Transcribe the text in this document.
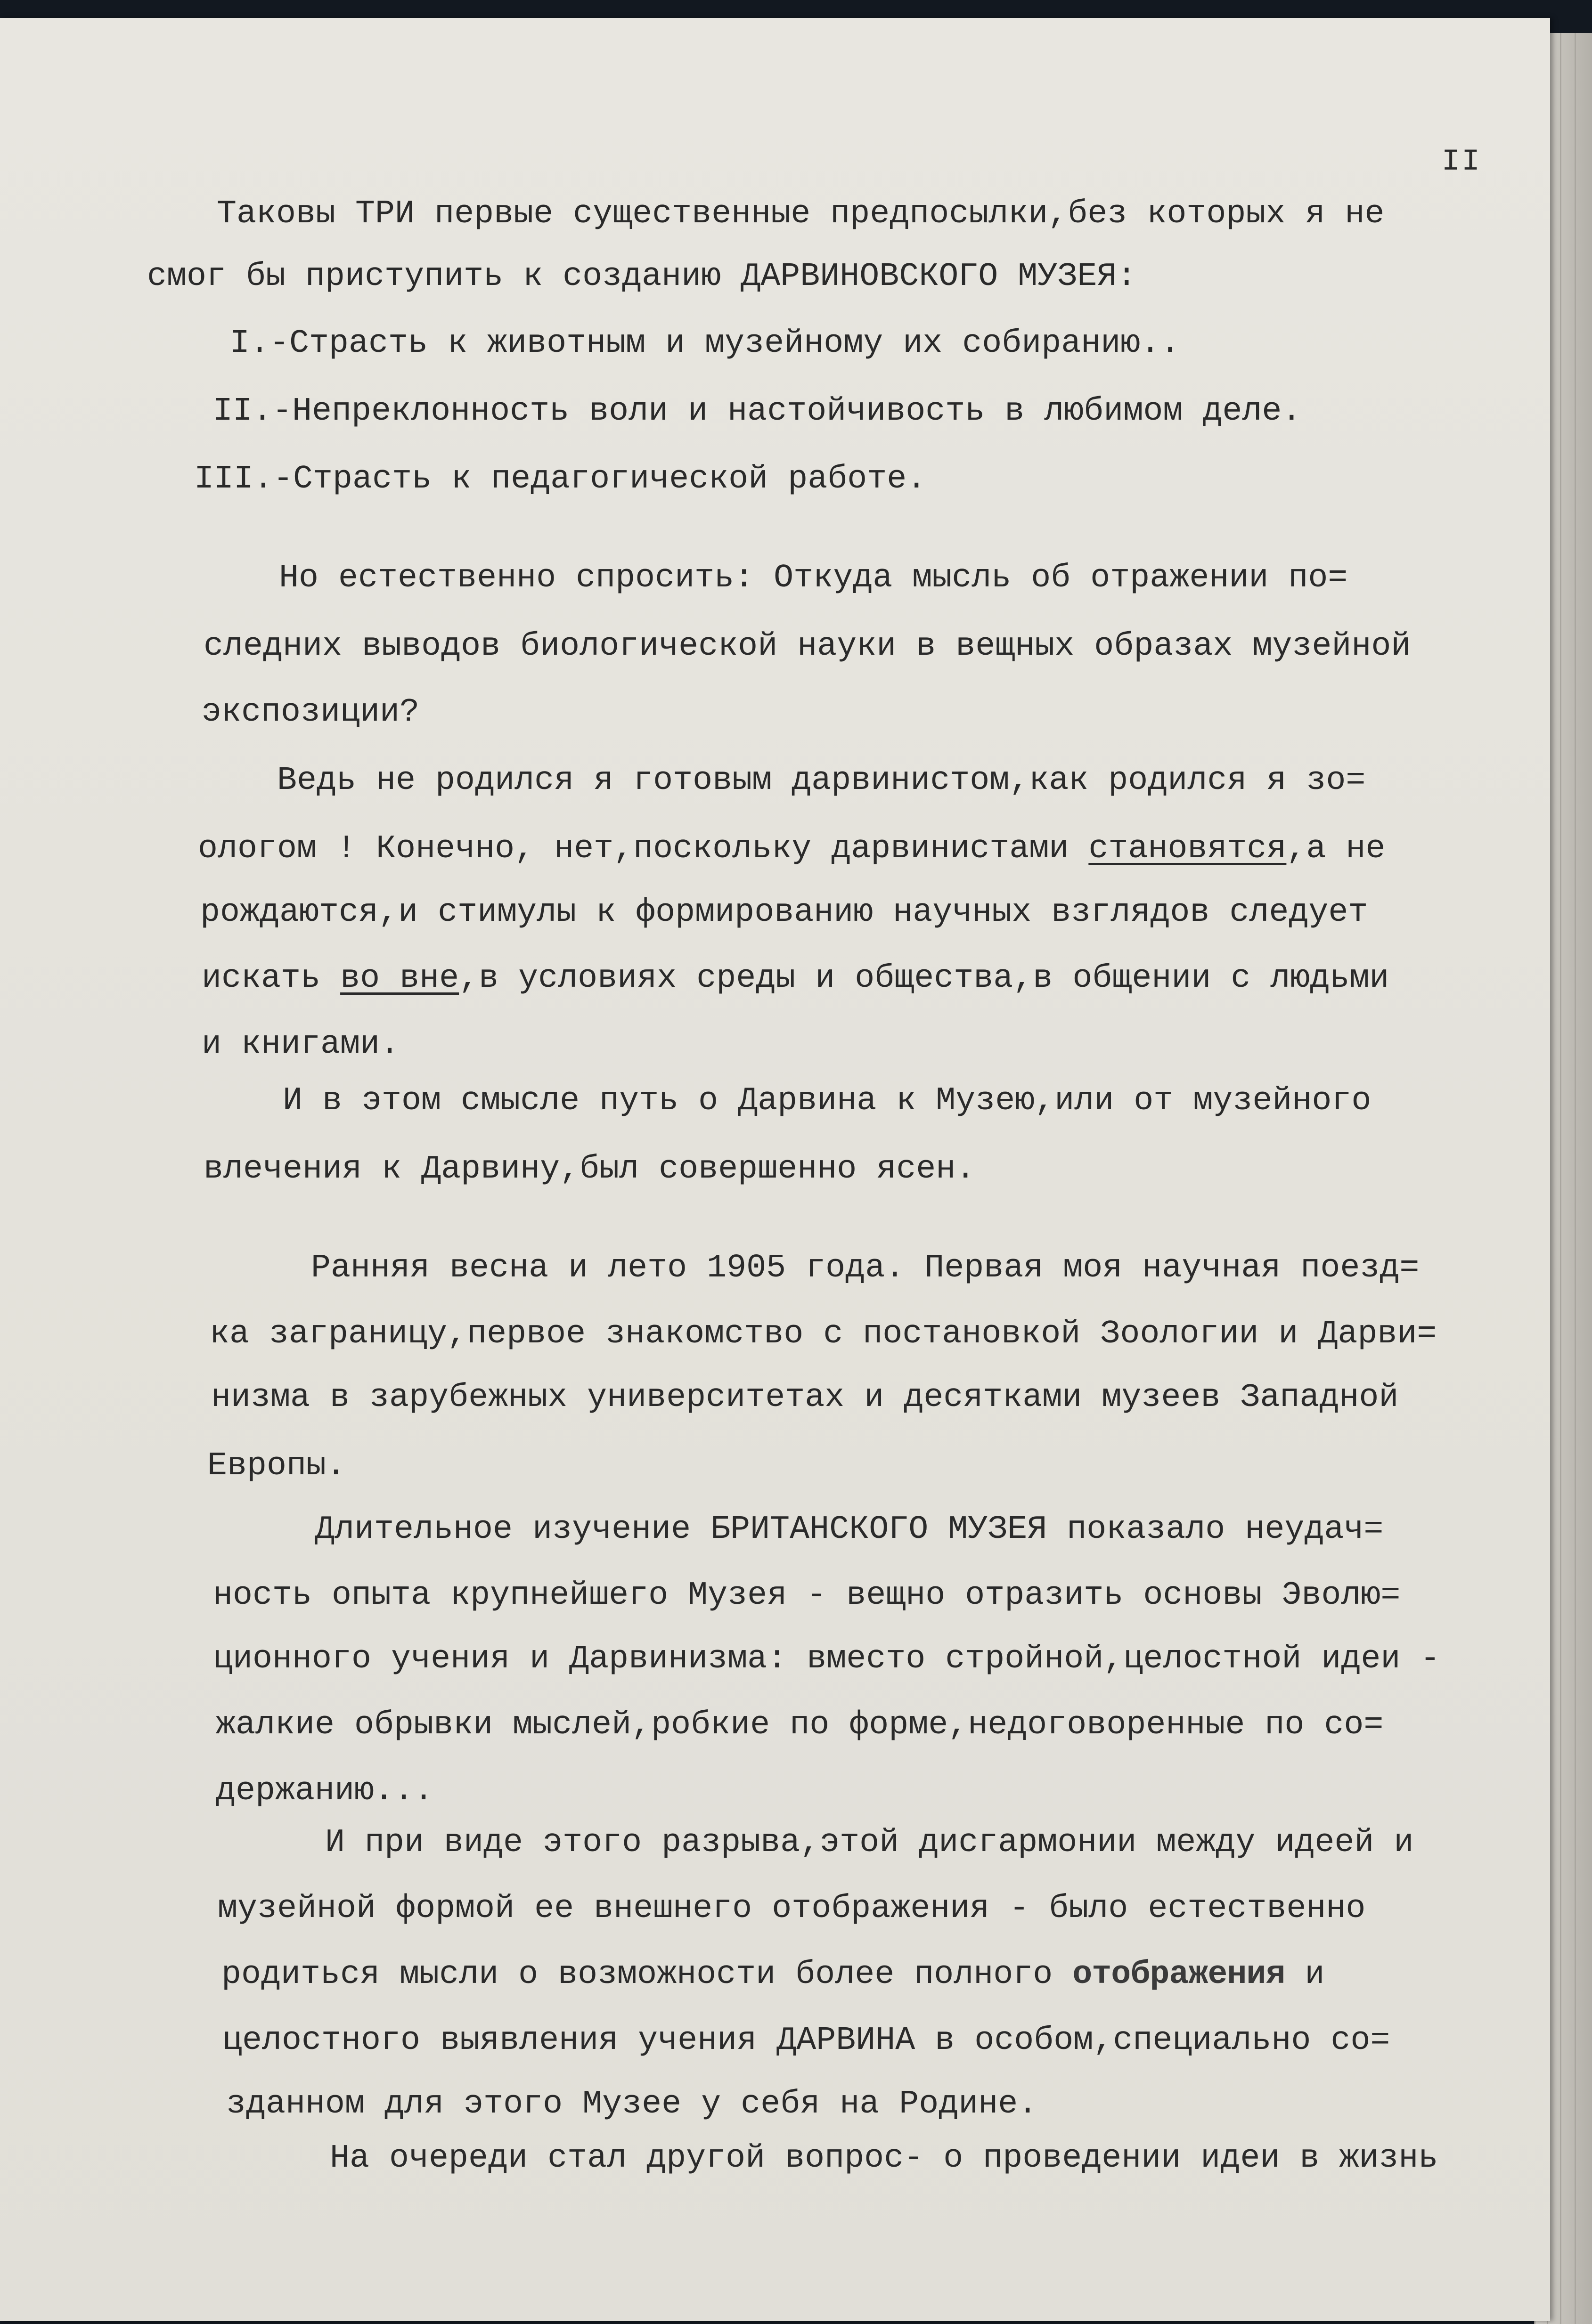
II
Таковы ТРИ первые существенные предпосылки,без которых я не
смог бы приступить к созданию ДАРВИНОВСКОГО МУЗЕЯ:
I.-Страсть к животным и музейному их собиранию..
II.-Непреклонность воли и настойчивость в любимом деле.
III.-Страсть к педагогической работе.
Но естественно спросить: Откуда мысль об отражении по=
следних выводов биологической науки в вещных образах музейной
экспозиции?
Ведь не родился я готовым дарвинистом,как родился я зо=
ологом ! Конечно, нет,поскольку дарвинистами становятся,а не
рождаются,и стимулы к формированию научных взглядов следует
искать во вне,в условиях среды и общества,в общении с людьми
и книгами.
И в этом смысле путь о Дарвина к Музею,или от музейного
влечения к Дарвину,был совершенно ясен.
Ранняя весна и лето 1905 года. Первая моя научная поезд=
ка заграницу,первое знакомство с постановкой Зоологии и Дарви=
низма в зарубежных университетах и десятками музеев Западной
Европы.
Длительное изучение БРИТАНСКОГО МУЗЕЯ показало неудач=
ность опыта крупнейшего Музея - вещно отразить основы Эволю=
ционного учения и Дарвинизма: вместо стройной,целостной идеи -
жалкие обрывки мыслей,робкие по форме,недоговоренные по со=
держанию...
И при виде этого разрыва,этой дисгармонии между идеей и
музейной формой ее внешнего отображения - было естественно
родиться мысли о возможности более полного отображения и
целостного выявления учения ДАРВИНА в особом,специально со=
зданном для этого Музее у себя на Родине.
На очереди стал другой вопрос- о проведении идеи в жизнь
